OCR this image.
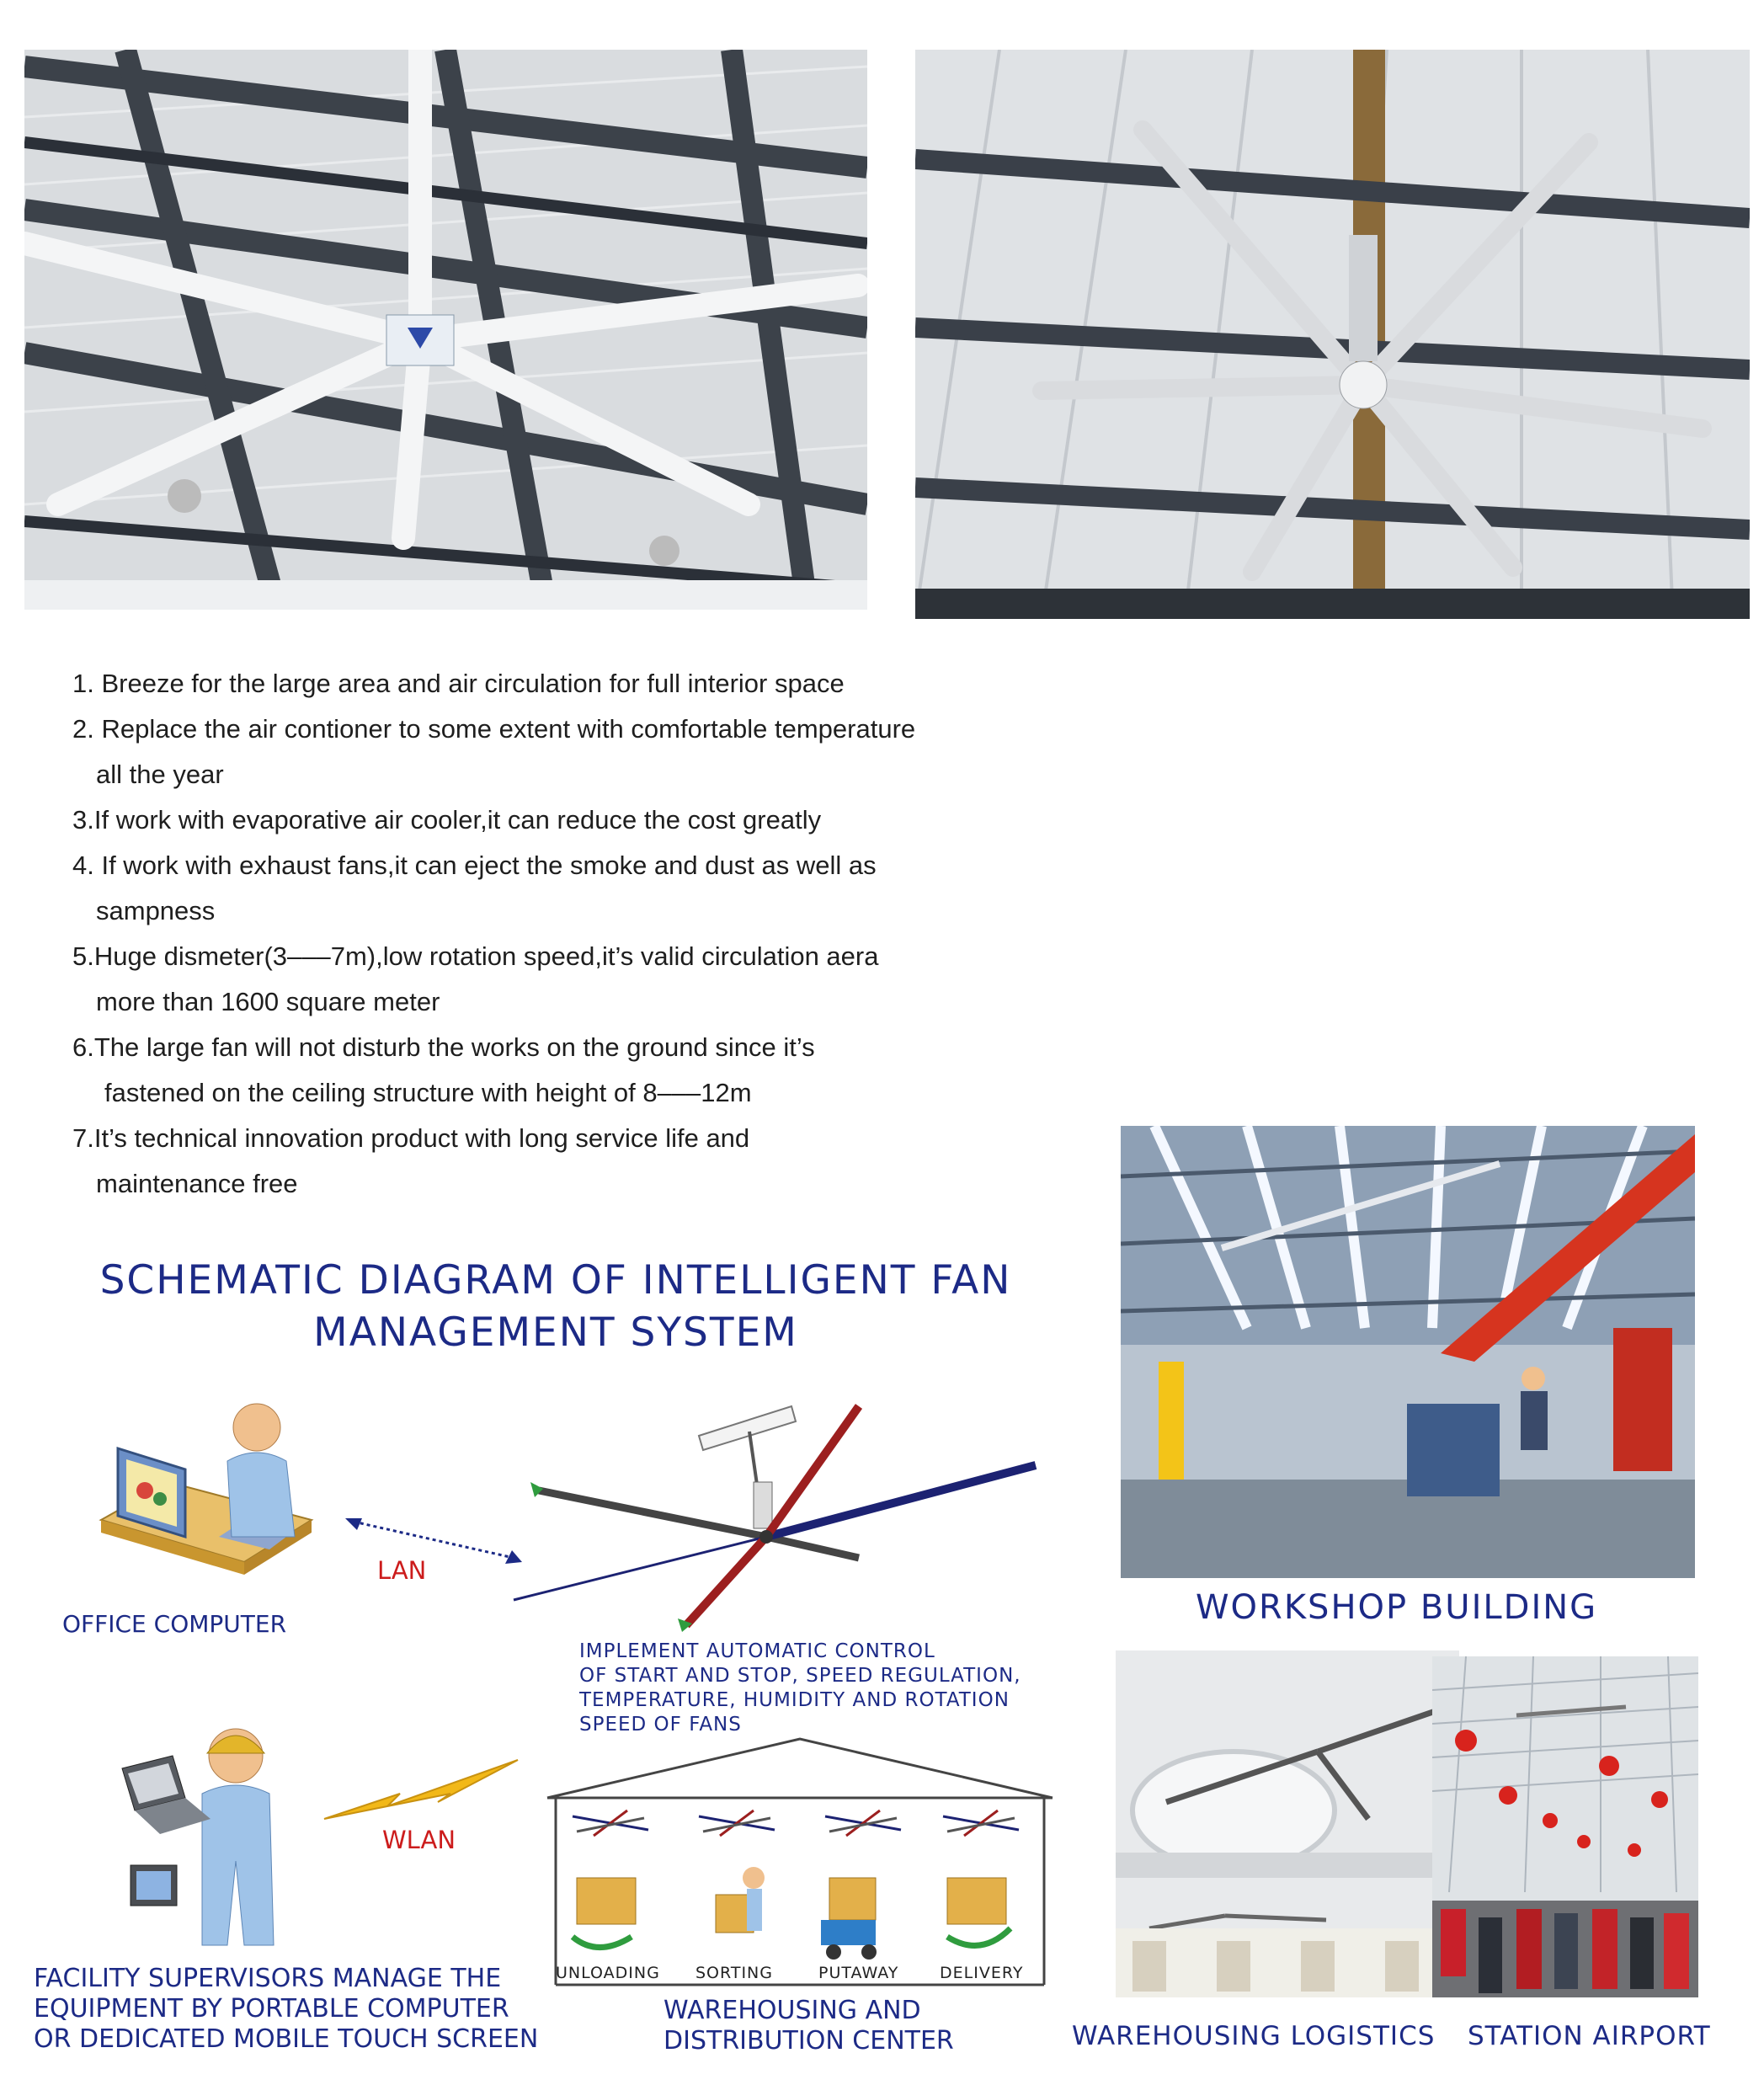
1. Breeze for the large area and air circulation for full interior space
2. Replace the air contioner to some extent with comfortable temperature
all the year
3.If work with evaporative air cooler,it can reduce the cost greatly
4. If work with exhaust fans,it can eject the smoke and dust as well as
sampness
5.Huge dismeter(3–––7m),low rotation speed,it’s valid circulation aera
more than 1600 square meter
6.The large fan will not disturb the works on the ground since it’s
fastened on the ceiling structure with height of 8–––12m
7.It’s technical innovation product with long service life and
maintenance free
SCHEMATIC DIAGRAM OF INTELLIGENT FAN
MANAGEMENT SYSTEM
OFFICE COMPUTER
LAN
IMPLEMENT AUTOMATIC CONTROL
OF START AND STOP, SPEED REGULATION,
TEMPERATURE, HUMIDITY AND ROTATION
SPEED OF FANS
WLAN
FACILITY SUPERVISORS MANAGE THE
EQUIPMENT BY PORTABLE COMPUTER
OR DEDICATED MOBILE TOUCH SCREEN
UNLOADING SORTING	PUTAWAY	DELIVERY
WAREHOUSING AND
DISTRIBUTION CENTER
WORKSHOP BUILDING
WAREHOUSING LOGISTICS STATION AIRPORT
